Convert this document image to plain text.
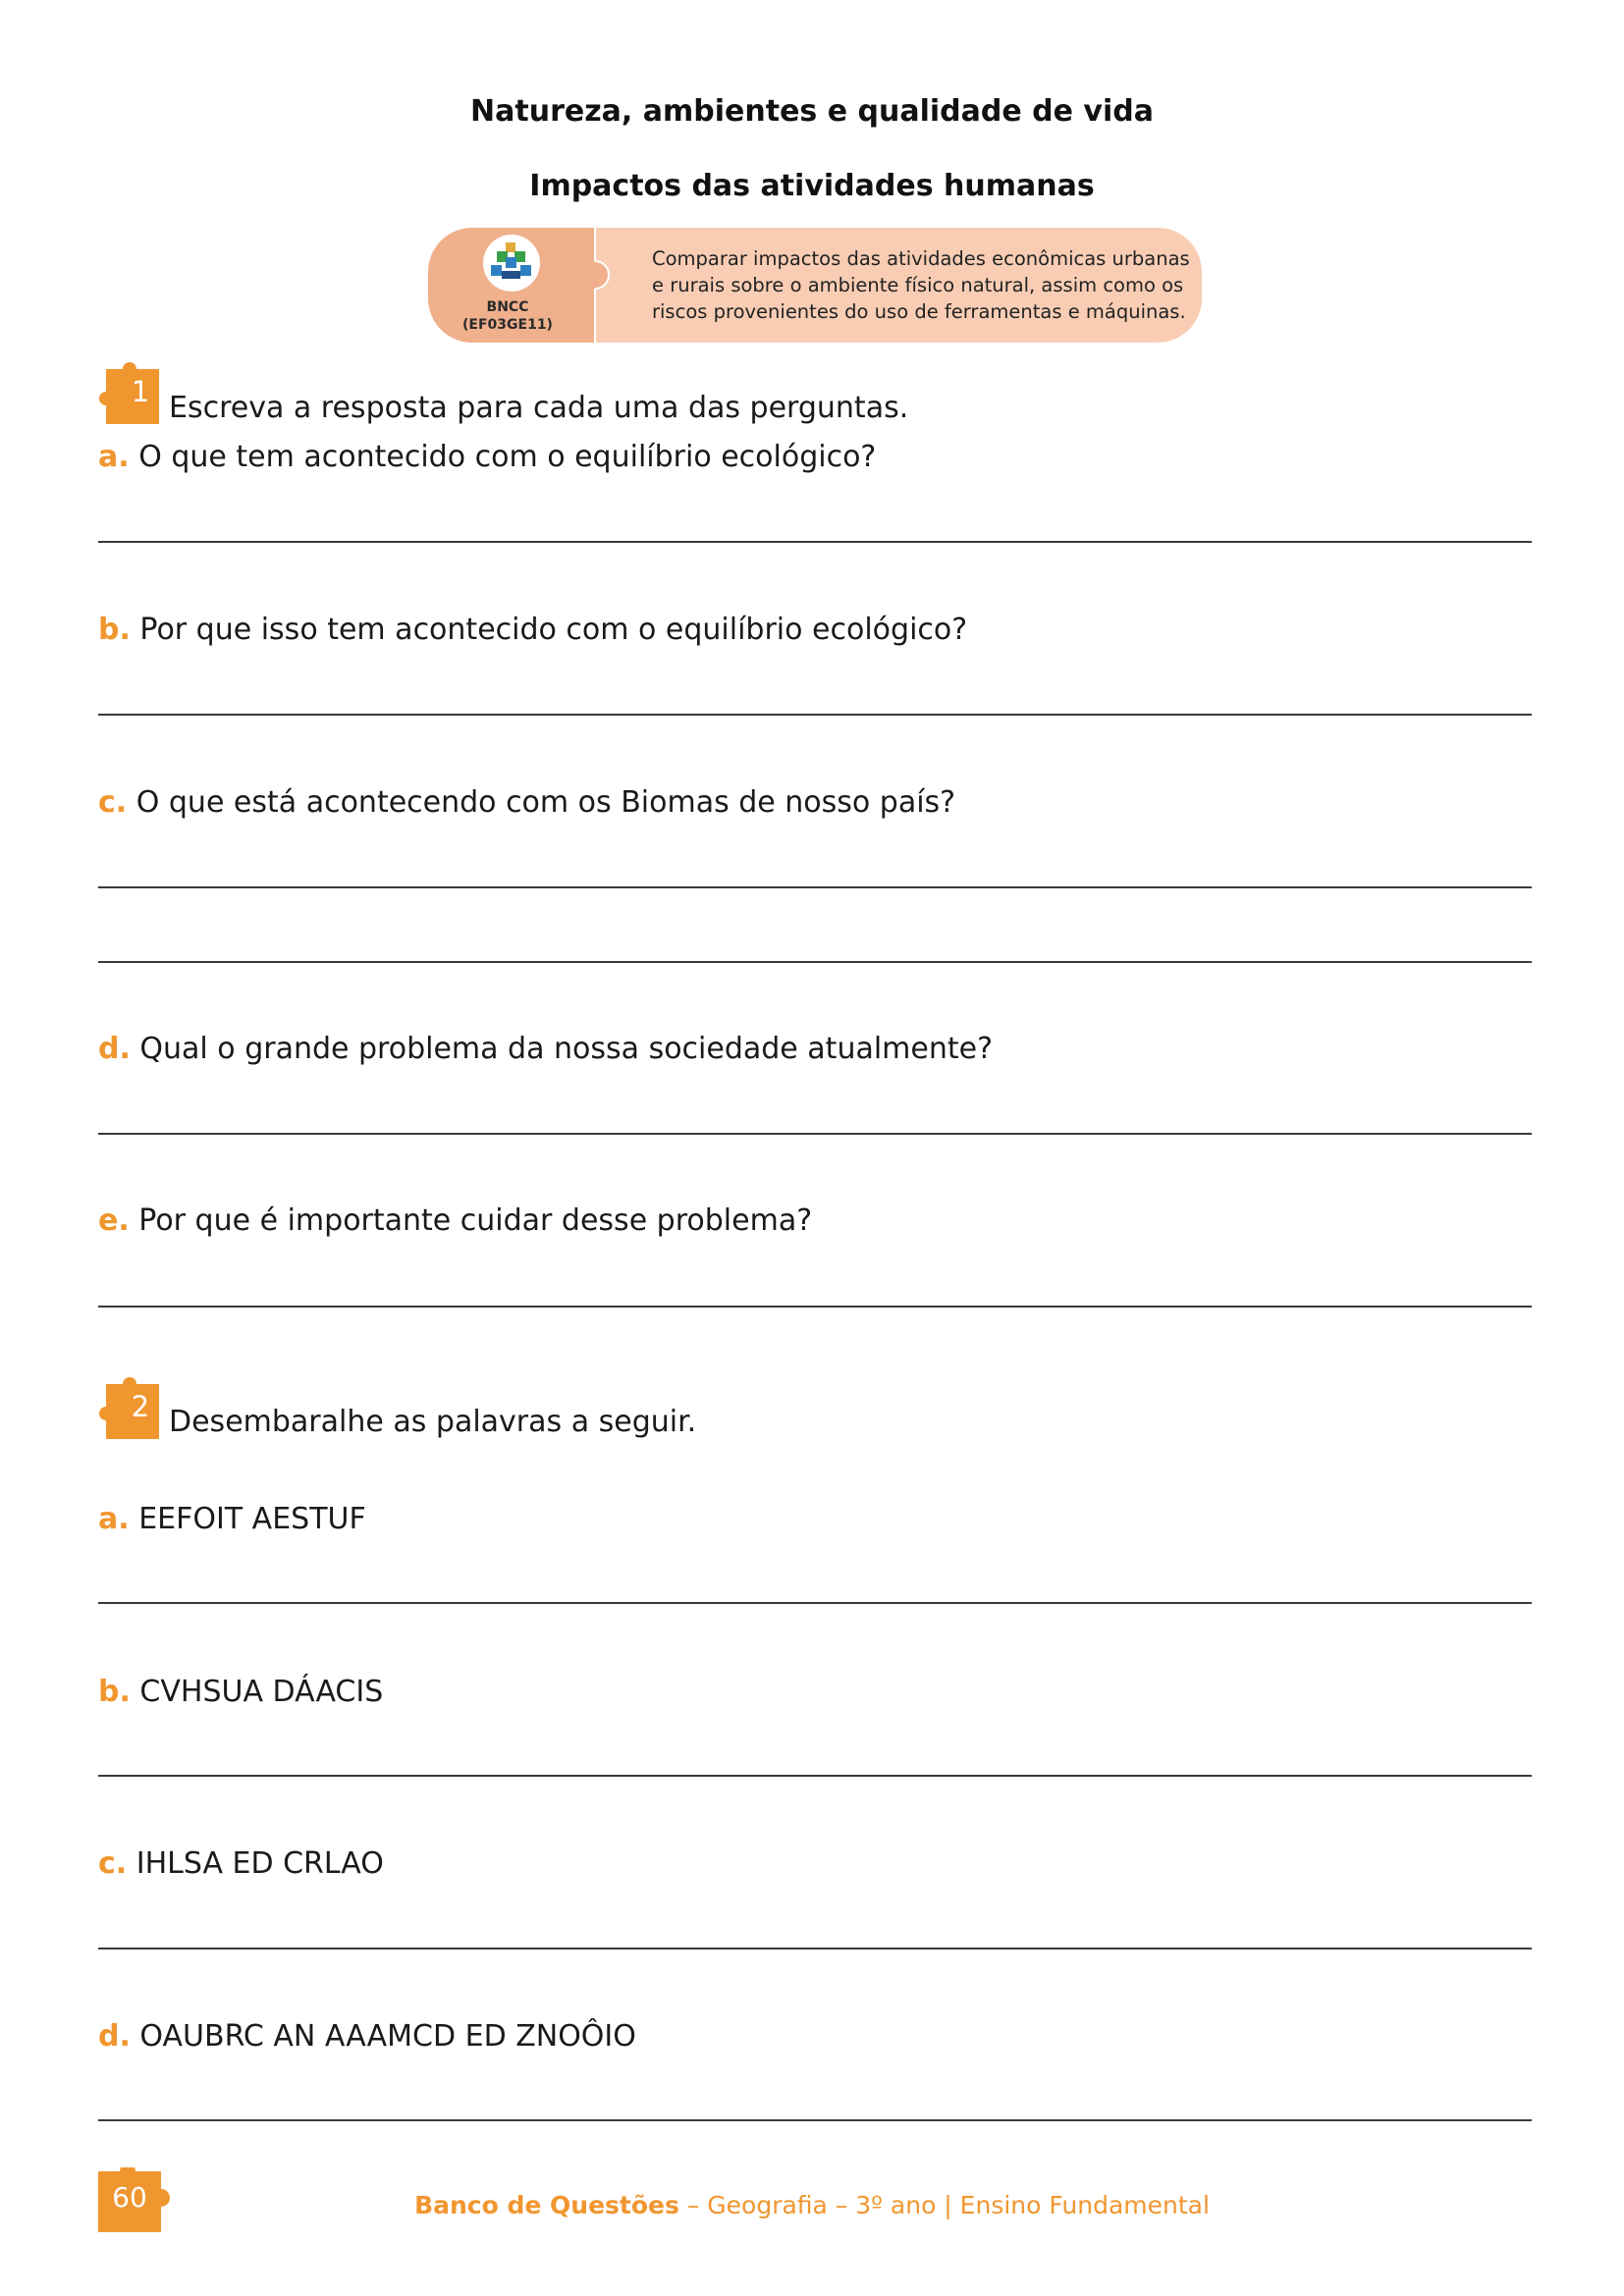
Natureza, ambientes e qualidade de vida
Impactos das atividades humanas
BNCC
(EF03GE11)
Comparar impactos das atividades econômicas urbanas e rurais sobre o ambiente físico natural, assim como os riscos provenientes do uso de ferramentas e máquinas.
1 Escreva a resposta para cada uma das perguntas.
a. O que tem acontecido com o equilíbrio ecológico?
b. Por que isso tem acontecido com o equilíbrio ecológico?
c. O que está acontecendo com os Biomas de nosso país?
d. Qual o grande problema da nossa sociedade atualmente?
e. Por que é importante cuidar desse problema?
2 Desembaralhe as palavras a seguir.
a. EEFOIT AESTUF
b. CVHSUA DÁACIS
c. IHLSA ED CRLAO
d. OAUBRC AN AAAMCD ED ZNOÔIO
60	Banco de Questões – Geografia – 3º ano | Ensino Fundamental
